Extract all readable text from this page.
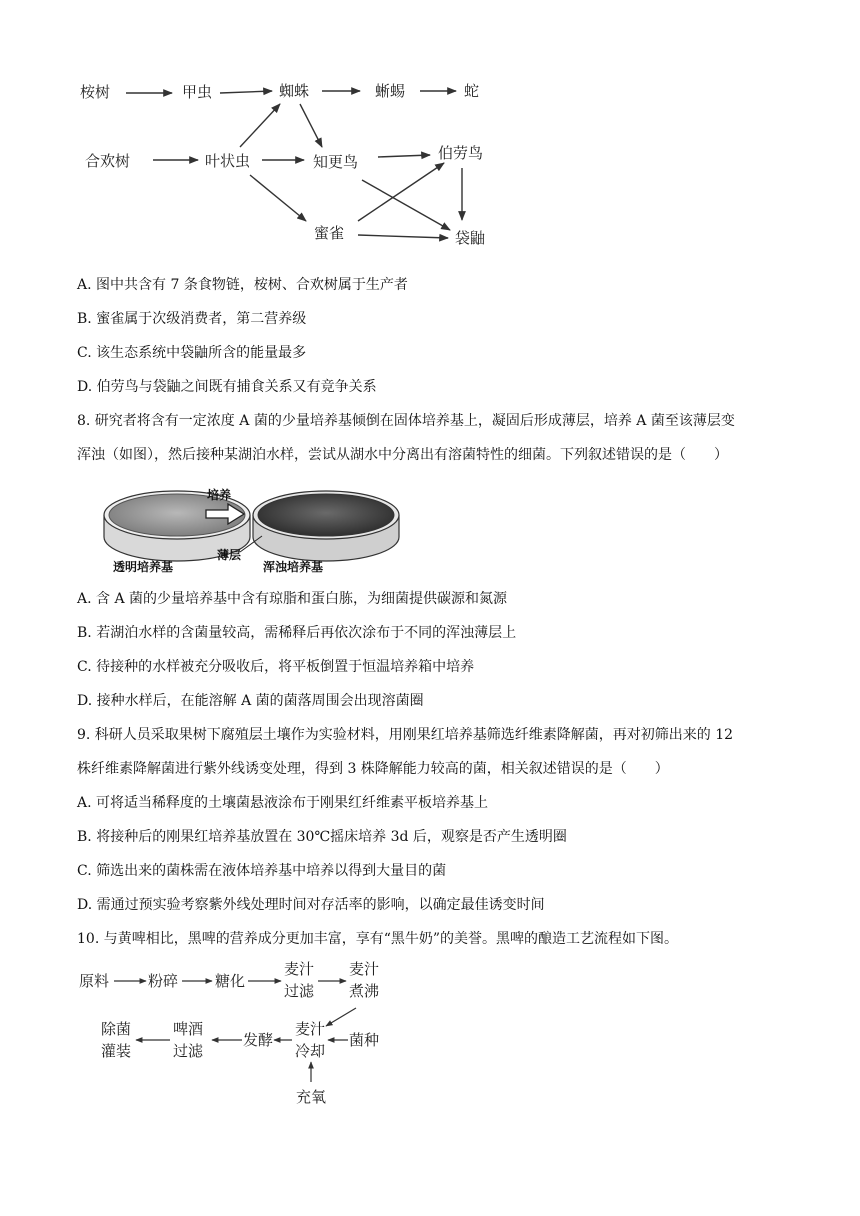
桉树	甲虫	蜘蛛	蜥蜴	蛇
合欢树	叶状虫	知更鸟	伯劳鸟
蜜雀	袋鼬
A. 图中共含有 7 条食物链，桉树、合欢树属于生产者
B. 蜜雀属于次级消费者，第二营养级
C. 该生态系统中袋鼬所含的能量最多
D. 伯劳鸟与袋鼬之间既有捕食关系又有竞争关系
8. 研究者将含有一定浓度 A 菌的少量培养基倾倒在固体培养基上，凝固后形成薄层，培养 A 菌至该薄层变
浑浊（如图），然后接种某湖泊水样，尝试从湖水中分离出有溶菌特性的细菌。下列叙述错误的是（　　）
透明培养基
培养
薄层
浑浊培养基
A. 含 A 菌的少量培养基中含有琼脂和蛋白胨，为细菌提供碳源和氮源
B. 若湖泊水样的含菌量较高，需稀释后再依次涂布于不同的浑浊薄层上
C. 待接种的水样被充分吸收后，将平板倒置于恒温培养箱中培养
D. 接种水样后，在能溶解 A 菌的菌落周围会出现溶菌圈
9. 科研人员采取果树下腐殖层土壤作为实验材料，用刚果红培养基筛选纤维素降解菌，再对初筛出来的 12
株纤维素降解菌进行紫外线诱变处理，得到 3 株降解能力较高的菌，相关叙述错误的是（　　）
A. 可将适当稀释度的土壤菌悬液涂布于刚果红纤维素平板培养基上
B. 将接种后的刚果红培养基放置在 30℃摇床培养 3d 后，观察是否产生透明圈
C. 筛选出来的菌株需在液体培养基中培养以得到大量目的菌
D. 需通过预实验考察紫外线处理时间对存活率的影响，以确定最佳诱变时间
10. 与黄啤相比，黑啤的营养成分更加丰富，享有“黑牛奶”的美誉。黑啤的酿造工艺流程如下图。
原料	粉碎 糖化
麦汁
过滤
麦汁
煮沸
麦汁
冷却
菌种
充氧
发酵
啤酒
过滤
除菌
灌装
